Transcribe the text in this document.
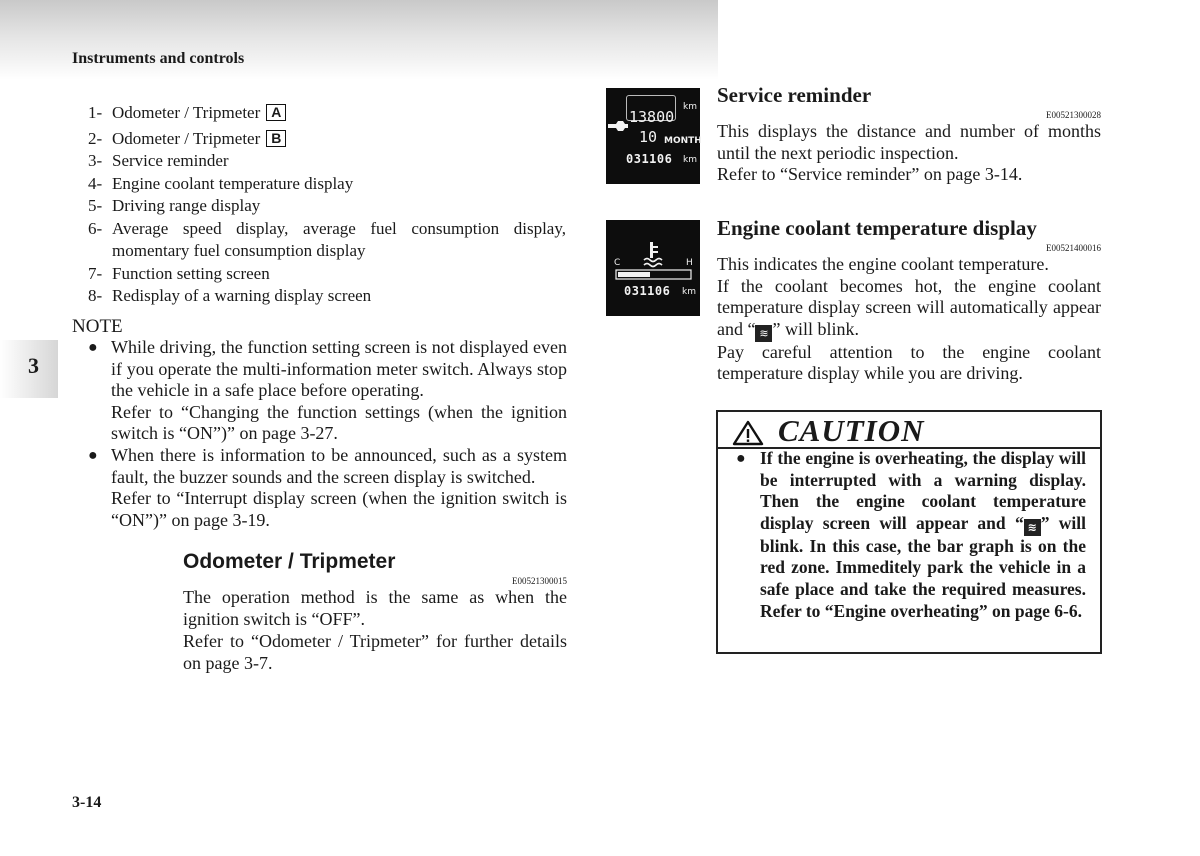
Instruments and controls
3
1- Odometer / Tripmeter A
2- Odometer / Tripmeter B
3- Service reminder
4- Engine coolant temperature display
5- Driving range display
6- Average speed display, average fuel consumption display, momentary fuel consumption display
7- Function setting screen
8- Redisplay of a warning display screen
NOTE
● While driving, the function setting screen is not displayed even if you operate the multi-information meter switch. Always stop the vehicle in a safe place before operating.
Refer to “Changing the function settings (when the ignition switch is “ON”)” on page 3-27.
● When there is information to be announced, such as a system fault, the buzzer sounds and the screen display is switched.
Refer to “Interrupt display screen (when the ignition switch is “ON”)” on page 3-19.
Odometer / Tripmeter
E00521300015
The operation method is the same as when the ignition switch is “OFF”.
Refer to “Odometer / Tripmeter” for further details on page 3-7.
13800
km
10 MONTH
031106 km
C	H
031106 km
Service reminder
E00521300028
This displays the distance and number of months until the next periodic inspection.
Refer to “Service reminder” on page 3-14.
Engine coolant temperature display
E00521400016
This indicates the engine coolant temperature.
If the coolant becomes hot, the engine coolant temperature display screen will automatically appear and “ ≋ ” will blink.
Pay careful attention to the engine coolant temperature display while you are driving.
CAUTION
● If the engine is overheating, the display will be interrupted with a warning display. Then the engine coolant temperature display screen will appear and “ ≋ ” will blink. In this case, the bar graph is on the red zone. Immeditely park the vehicle in a safe place and take the required measures. Refer to “Engine overheating” on page 6-6.
3-14
